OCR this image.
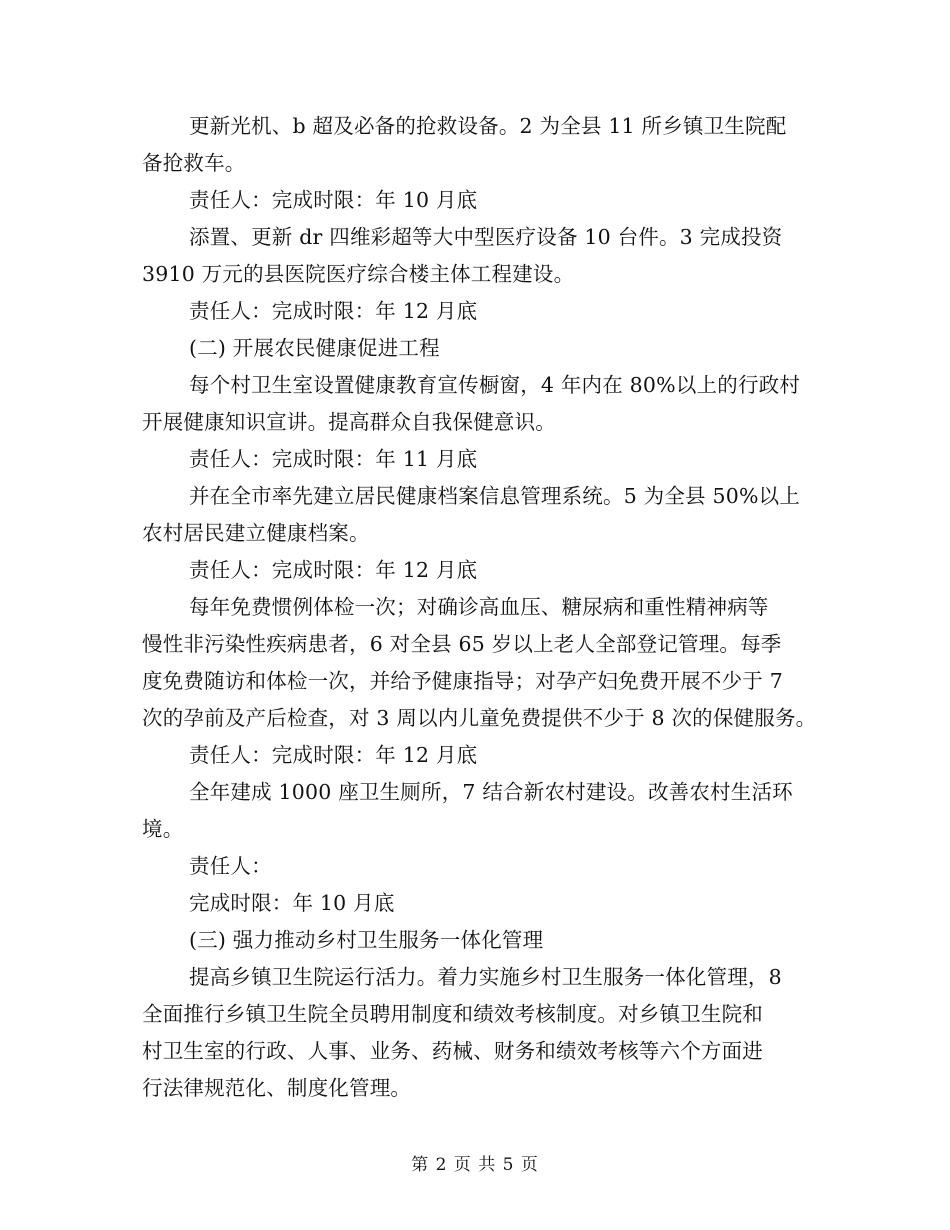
更新光机、b 超及必备的抢救设备。2 为全县 11 所乡镇卫生院配
备抢救车。
责任人：完成时限：年 10 月底
添置、更新 dr 四维彩超等大中型医疗设备 10 台件。3 完成投资
3910 万元的县医院医疗综合楼主体工程建设。
责任人：完成时限：年 12 月底
(二) 开展农民健康促进工程
每个村卫生室设置健康教育宣传橱窗，4 年内在 80%以上的行政村
开展健康知识宣讲。提高群众自我保健意识。
责任人：完成时限：年 11 月底
并在全市率先建立居民健康档案信息管理系统。5 为全县 50%以上
农村居民建立健康档案。
责任人：完成时限：年 12 月底
每年免费惯例体检一次；对确诊高血压、糖尿病和重性精神病等
慢性非污染性疾病患者，6 对全县 65 岁以上老人全部登记管理。每季
度免费随访和体检一次，并给予健康指导；对孕产妇免费开展不少于 7
次的孕前及产后检查，对 3 周以内儿童免费提供不少于 8 次的保健服务。
责任人：完成时限：年 12 月底
全年建成 1000 座卫生厕所，7 结合新农村建设。改善农村生活环
境。
责任人：
完成时限：年 10 月底
(三) 强力推动乡村卫生服务一体化管理
提高乡镇卫生院运行活力。着力实施乡村卫生服务一体化管理，8
全面推行乡镇卫生院全员聘用制度和绩效考核制度。对乡镇卫生院和
村卫生室的行政、人事、业务、药械、财务和绩效考核等六个方面进
行法律规范化、制度化管理。
第 2 页 共 5 页
